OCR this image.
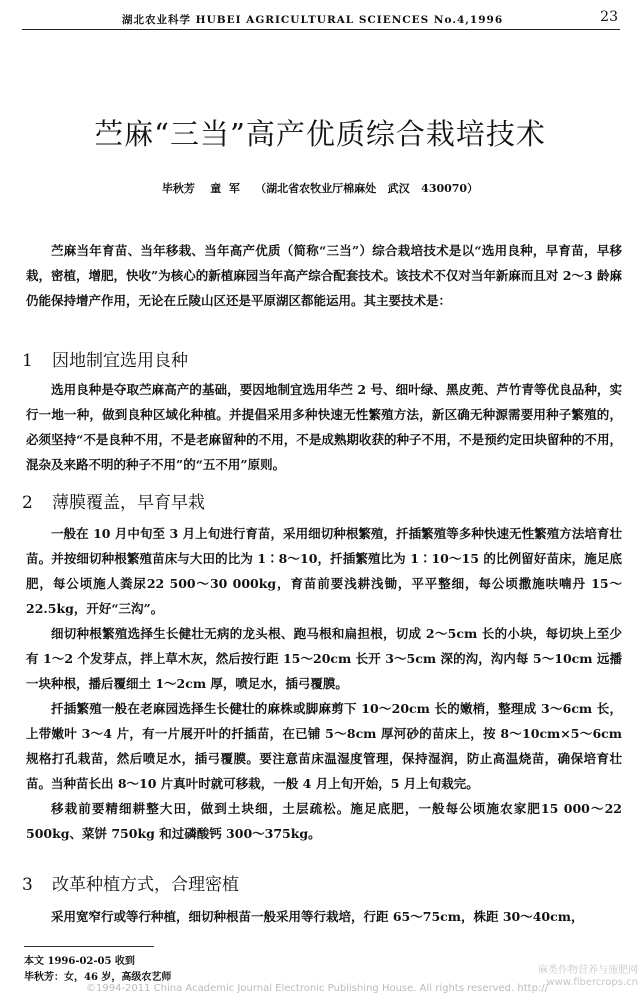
湖北农业科学 HUBEI AGRICULTURAL SCIENCES No.4,1996	23
苎麻“三当”高产优质综合栽培技术
毕秋芳    童  军    （湖北省农牧业厅棉麻处   武汉   430070）

苎麻当年育苗、当年移栽、当年高产优质（简称“三当”）综合栽培技术是以“选用良种，早育苗，早移栽，密植，增肥，快收”为核心的新植麻园当年高产综合配套技术。该技术不仅对当年新麻而且对 2～3 龄麻仍能保持增产作用，无论在丘陵山区还是平原湖区都能运用。其主要技术是：

1 因地制宜选用良种

选用良种是夺取苎麻高产的基础，要因地制宜选用华苎 2 号、细叶绿、黑皮蔸、芦竹青等优良品种，实行一地一种，做到良种区域化种植。并提倡采用多种快速无性繁殖方法，新区确无种源需要用种子繁殖的，必须坚持“不是良种不用，不是老麻留种的不用，不是成熟期收获的种子不用，不是预约定田块留种的不用，混杂及来路不明的种子不用”的“五不用”原则。

2 薄膜覆盖，早育早栽

一般在 10 月中旬至 3 月上旬进行育苗，采用细切种根繁殖，扦插繁殖等多种快速无性繁殖方法培育壮苗。并按细切种根繁殖苗床与大田的比为 1∶8～10，扦插繁殖比为 1∶10～15 的比例留好苗床，施足底肥，每公顷施人粪尿22 500～30 000kg，育苗前要浅耕浅锄，平平整细，每公顷撒施呋喃丹 15～22.5kg，开好“三沟”。

细切种根繁殖选择生长健壮无病的龙头根、跑马根和扁担根，切成 2～5cm 长的小块，每切块上至少有 1～2 个发芽点，拌上草木灰，然后按行距 15～20cm 长开 3～5cm 深的沟，沟内每 5～10cm 远播一块种根，播后覆细土 1～2cm 厚，喷足水，插弓覆膜。

扦插繁殖一般在老麻园选择生长健壮的麻株或脚麻剪下 10～20cm 长的嫩梢，整理成 3～6cm 长，上带嫩叶 3～4 片，有一片展开叶的扦插苗，在已铺 5～8cm 厚河砂的苗床上，按 8～10cm×5～6cm 规格打孔栽苗，然后喷足水，插弓覆膜。要注意苗床温湿度管理，保持湿润，防止高温烧苗，确保培育壮苗。 当种苗长出 8～10 片真叶时就可移栽，一般 4 月上旬开始，5 月上旬栽完。

移栽前要精细耕整大田，做到土块细，土层疏松。施足底肥，一般每公顷施农家肥15 000～22 500kg、菜饼 750kg 和过磷酸钙 300～375kg。

3 改革种植方式，合理密植

采用宽窄行或等行种植，细切种根苗一般采用等行栽培，行距 65～75cm，株距 30～40cm，

本文 1996-02-05 收到
毕秋芳：女，46 岁，高级农艺师
©1994-2011 China Academic Journal Electronic Publishing House. All rights reserved. http://
麻类作物营养与施肥网
www.fibercrops.cn
